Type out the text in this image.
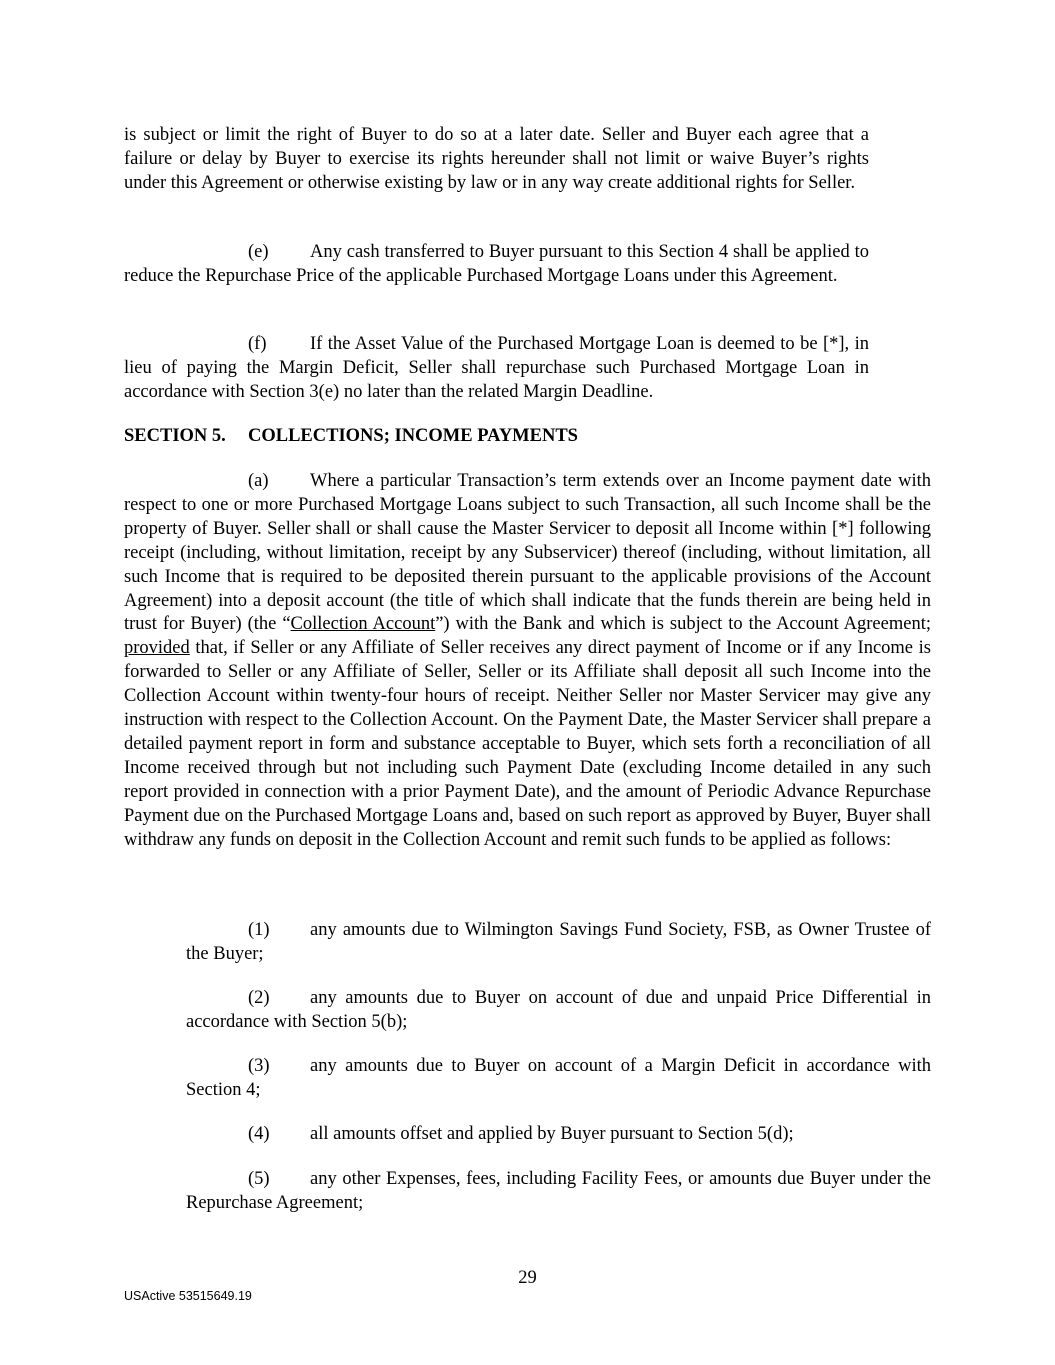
is subject or limit the right of Buyer to do so at a later date. Seller and Buyer each agree that a failure or delay by Buyer to exercise its rights hereunder shall not limit or waive Buyer’s rights under this Agreement or otherwise existing by law or in any way create additional rights for Seller.

(e) Any cash transferred to Buyer pursuant to this Section 4 shall be applied to reduce the Repurchase Price of the applicable Purchased Mortgage Loans under this Agreement.

(f) If the Asset Value of the Purchased Mortgage Loan is deemed to be [*], in lieu of paying the Margin Deficit, Seller shall repurchase such Purchased Mortgage Loan in accordance with Section 3(e) no later than the related Margin Deadline.

SECTION 5. COLLECTIONS; INCOME PAYMENTS

(a) Where a particular Transaction’s term extends over an Income payment date with respect to one or more Purchased Mortgage Loans subject to such Transaction, all such Income shall be the property of Buyer. Seller shall or shall cause the Master Servicer to deposit all Income within [*] following receipt (including, without limitation, receipt by any Subservicer) thereof (including, without limitation, all such Income that is required to be deposited therein pursuant to the applicable provisions of the Account Agreement) into a deposit account (the title of which shall indicate that the funds therein are being held in trust for Buyer) (the “Collection Account”) with the Bank and which is subject to the Account Agreement; provided that, if Seller or any Affiliate of Seller receives any direct payment of Income or if any Income is forwarded to Seller or any Affiliate of Seller, Seller or its Affiliate shall deposit all such Income into the Collection Account within twenty-four hours of receipt. Neither Seller nor Master Servicer may give any instruction with respect to the Collection Account. On the Payment Date, the Master Servicer shall prepare a detailed payment report in form and substance acceptable to Buyer, which sets forth a reconciliation of all Income received through but not including such Payment Date (excluding Income detailed in any such report provided in connection with a prior Payment Date), and the amount of Periodic Advance Repurchase Payment due on the Purchased Mortgage Loans and, based on such report as approved by Buyer, Buyer shall withdraw any funds on deposit in the Collection Account and remit such funds to be applied as follows:

(1) any amounts due to Wilmington Savings Fund Society, FSB, as Owner Trustee of the Buyer;

(2) any amounts due to Buyer on account of due and unpaid Price Differential in accordance with Section 5(b);

(3) any amounts due to Buyer on account of a Margin Deficit in accordance with Section 4;

(4) all amounts offset and applied by Buyer pursuant to Section 5(d);

(5) any other Expenses, fees, including Facility Fees, or amounts due Buyer under the Repurchase Agreement;

29
USActive 53515649.19
